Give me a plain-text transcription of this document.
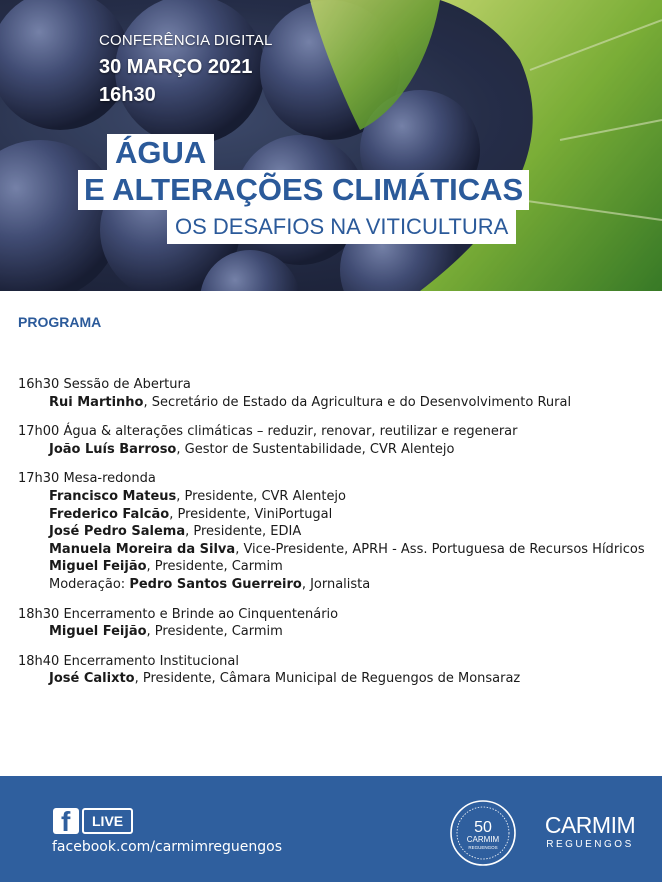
CONFERÊNCIA DIGITAL
30 MARÇO 2021
16h30
ÁGUA
E ALTERAÇÕES CLIMÁTICAS
OS DESAFIOS NA VITICULTURA
PROGRAMA
16h30 Sessão de Abertura
Rui Martinho, Secretário de Estado da Agricultura e do Desenvolvimento Rural
17h00 Água & alterações climáticas – reduzir, renovar, reutilizar e regenerar
João Luís Barroso, Gestor de Sustentabilidade, CVR Alentejo
17h30 Mesa-redonda
Francisco Mateus, Presidente, CVR Alentejo
Frederico Falcão, Presidente, ViniPortugal
José Pedro Salema, Presidente, EDIA
Manuela Moreira da Silva, Vice-Presidente, APRH - Ass. Portuguesa de Recursos Hídricos
Miguel Feijão, Presidente, Carmim
Moderação: Pedro Santos Guerreiro, Jornalista
18h30 Encerramento e Brinde ao Cinquentenário
Miguel Feijão, Presidente, Carmim
18h40 Encerramento Institucional
José Calixto, Presidente, Câmara Municipal de Reguengos de Monsaraz
f	LIVE
facebook.com/carmimreguengos
50
CARMIM
REGUENGOS
CARMIM
REGUENGOS
